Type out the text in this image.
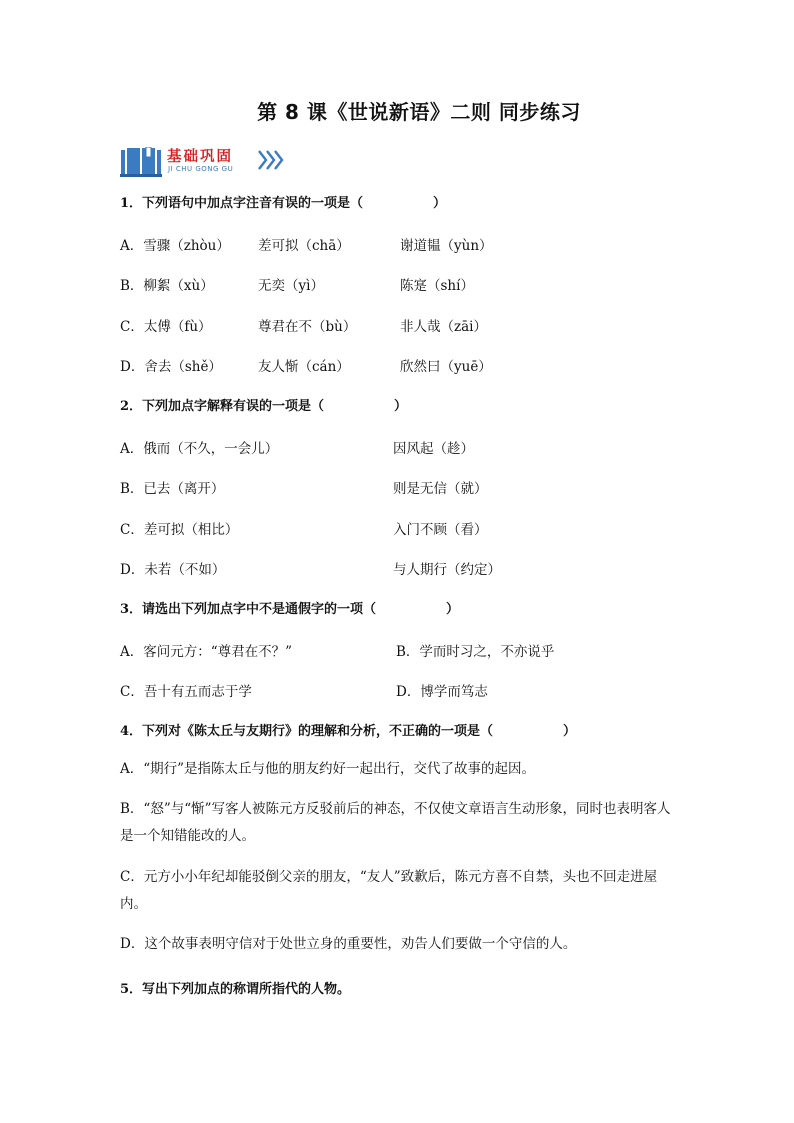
第 8 课《世说新语》二则 同步练习
基础巩固
JI CHU GONG GU
1．下列语句中加点字注音有误的一项是（	）
A．雪骤（zhòu） 差可拟（chā）	谢道韫（yùn）
B．柳絮（xù）	无奕（yì）	陈寔（shí）
C．太傅（fù）	尊君在不（bù）	非人哉（zāi）
D．舍去（shě）	友人惭（cán）	欣然曰（yuē）
2．下列加点字解释有误的一项是（	）
A．俄而（不久，一会儿）	因风起（趁）
B．已去（离开）	则是无信（就）
C．差可拟（相比）	入门不顾（看）
D．未若（不如）	与人期行（约定）
3．请选出下列加点字中不是通假字的一项（	）
A．客问元方：“尊君在不？”	B．学而时习之，不亦说乎
C．吾十有五而志于学	D．博学而笃志
4．下列对《陈太丘与友期行》的理解和分析，不正确的一项是（	）
A．“期行”是指陈太丘与他的朋友约好一起出行，交代了故事的起因。
B．“怒”与“惭”写客人被陈元方反驳前后的神态，不仅使文章语言生动形象，同时也表明客人是一个知错能改的人。
C．元方小小年纪却能驳倒父亲的朋友，“友人”致歉后，陈元方喜不自禁，头也不回走进屋内。
D．这个故事表明守信对于处世立身的重要性，劝告人们要做一个守信的人。
5．写出下列加点的称谓所指代的人物。
